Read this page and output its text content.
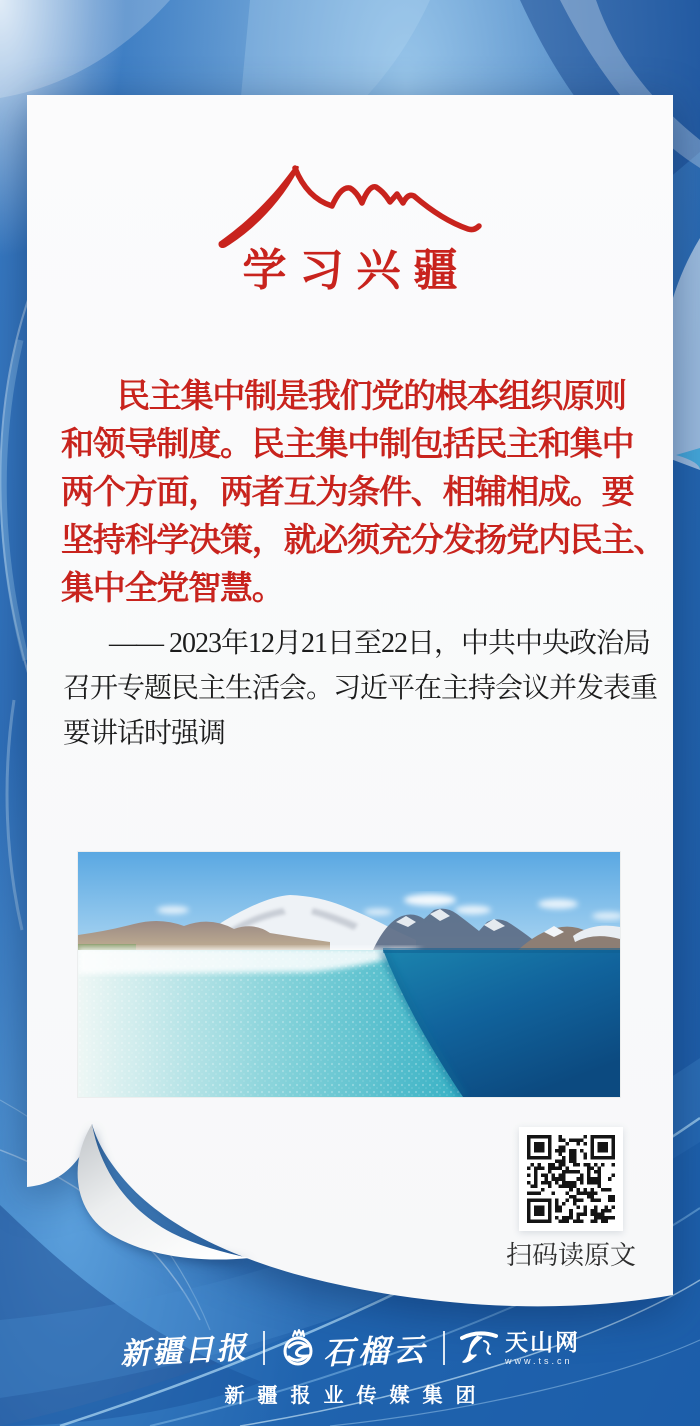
学习兴疆
民主集中制是我们党的根本组织原则
和领导制度。民主集中制包括民主和集中
两个方面，两者互为条件、相辅相成。要
坚持科学决策，就必须充分发扬党内民主、
集中全党智慧。
—— 2023年12月21日至22日，中共中央政治局
召开专题民主生活会。习近平在主持会议并发表重
要讲话时强调
扫码读原文
新疆日报 石榴云	天山网
www.ts.cn
新疆报业传媒集团
